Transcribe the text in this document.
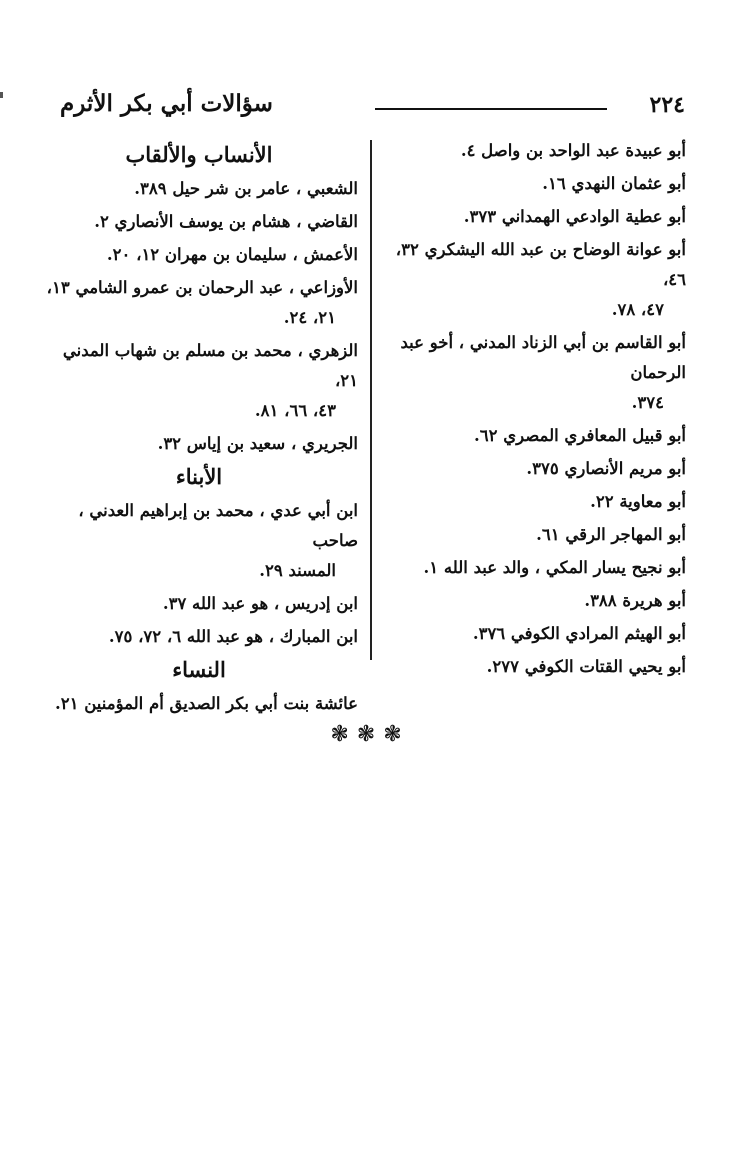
٢٢٤
سؤالات أبي بكر الأثرم

أبو عبيدة عبد الواحد بن واصل ٤.

أبو عثمان النهدي ١٦.

أبو عطية الوادعي الهمداني ٣٧٣.

أبو عوانة الوضاح بن عبد الله اليشكري ٣٢، ٤٦،
٤٧، ٧٨.

أبو القاسم بن أبي الزناد المدني ، أخو عبد الرحمان
٣٧٤.

أبو قبيل المعافري المصري ٦٢.

أبو مريم الأنصاري ٣٧٥.

أبو معاوية ٢٢.

أبو المهاجر الرقي ٦١.

أبو نجيح يسار المكي ، والد عبد الله ١.

أبو هريرة ٣٨٨.

أبو الهيثم المرادي الكوفي ٣٧٦.

أبو يحيي القتات الكوفي ٢٧٧.

الأنساب والألقاب

الشعبي ، عامر بن شر حيل ٣٨٩.

القاضي ، هشام بن يوسف الأنصاري ٢.

الأعمش ، سليمان بن مهران ١٢، ٢٠.

الأوزاعي ، عبد الرحمان بن عمرو الشامي ١٣،
٢١، ٢٤.

الزهري ، محمد بن مسلم بن شهاب المدني ٢١،
٤٣، ٦٦، ٨١.

الجريري ، سعيد بن إياس ٣٢.

الأبناء

ابن أبي عدي ، محمد بن إبراهيم العدني ، صاحب
المسند ٢٩.

ابن إدريس ، هو عبد الله ٣٧.

ابن المبارك ، هو عبد الله ٦، ٧٢، ٧٥.

النساء

عائشة بنت أبي بكر الصديق أم المؤمنين ٢١.

❃❃❃
